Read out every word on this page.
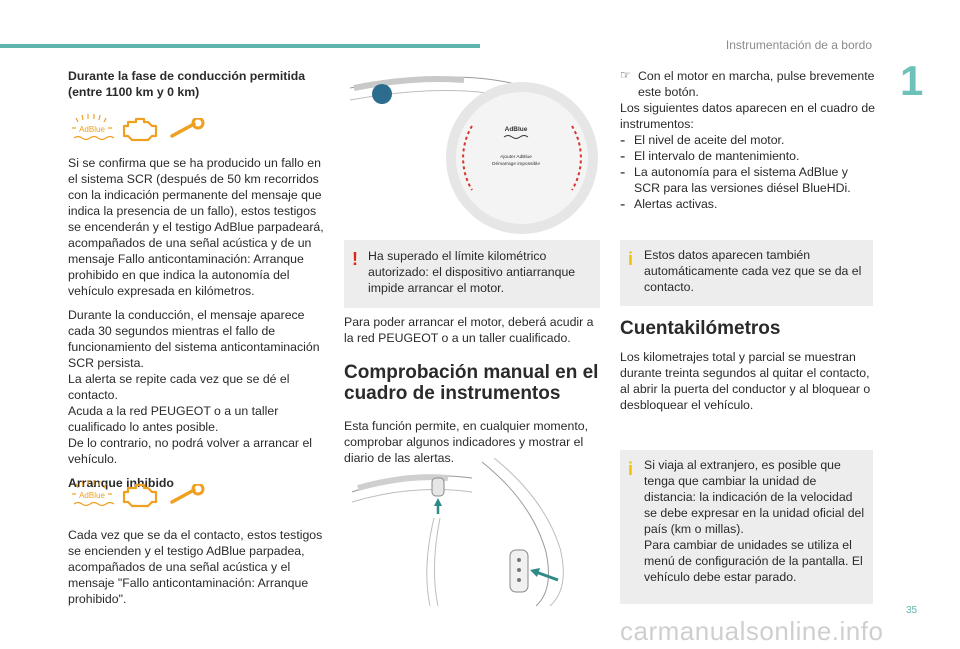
Instrumentación de a bordo
1

Durante la fase de conducción permitida (entre 1100 km y 0 km)

AdBlue

Si se confirma que se ha producido un fallo en el sistema SCR (después de 50 km recorridos con la indicación permanente del mensaje que indica la presencia de un fallo), estos testigos se encenderán y el testigo AdBlue parpadeará, acompañados de una señal acústica y de un mensaje Fallo anticontaminación: Arranque prohibido en que indica la autonomía del vehículo expresada en kilómetros.

Durante la conducción, el mensaje aparece cada 30 segundos mientras el fallo de funcionamiento del sistema anticontaminación SCR persista.

La alerta se repite cada vez que se dé el contacto.

Acuda a la red PEUGEOT o a un taller cualificado lo antes posible.

De lo contrario, no podrá volver a arrancar el vehículo.

Arranque inhibido

AdBlue

Cada vez que se da el contacto, estos testigos se encienden y el testigo AdBlue parpadea, acompañados de una señal acústica y el mensaje "Fallo anticontaminación: Arranque prohibido".

AdBlue
Ajouter AdBlue
Démarrage impossible
! Ha superado el límite kilométrico autorizado: el dispositivo antiarranque impide arrancar el motor.

Para poder arrancar el motor, deberá acudir a la red PEUGEOT o a un taller cualificado.

Comprobación manual en el cuadro de instrumentos

Esta función permite, en cualquier momento, comprobar algunos indicadores y mostrar el diario de las alertas.

☞ Con el motor en marcha, pulse brevemente este botón.

Los siguientes datos aparecen en el cuadro de instrumentos:

- El nivel de aceite del motor.

- El intervalo de mantenimiento.

- La autonomía para el sistema AdBlue y SCR para las versiones diésel BlueHDi.

- Alertas activas.

i Estos datos aparecen también automáticamente cada vez que se da el contacto.

Cuentakilómetros

Los kilometrajes total y parcial se muestran durante treinta segundos al quitar el contacto, al abrir la puerta del conductor y al bloquear o desbloquear el vehículo.

i Si viaja al extranjero, es posible que tenga que cambiar la unidad de distancia: la indicación de la velocidad se debe expresar en la unidad oficial del país (km o millas).

Para cambiar de unidades se utiliza el menú de configuración de la pantalla. El vehículo debe estar parado.

35
carmanualsonline.info
